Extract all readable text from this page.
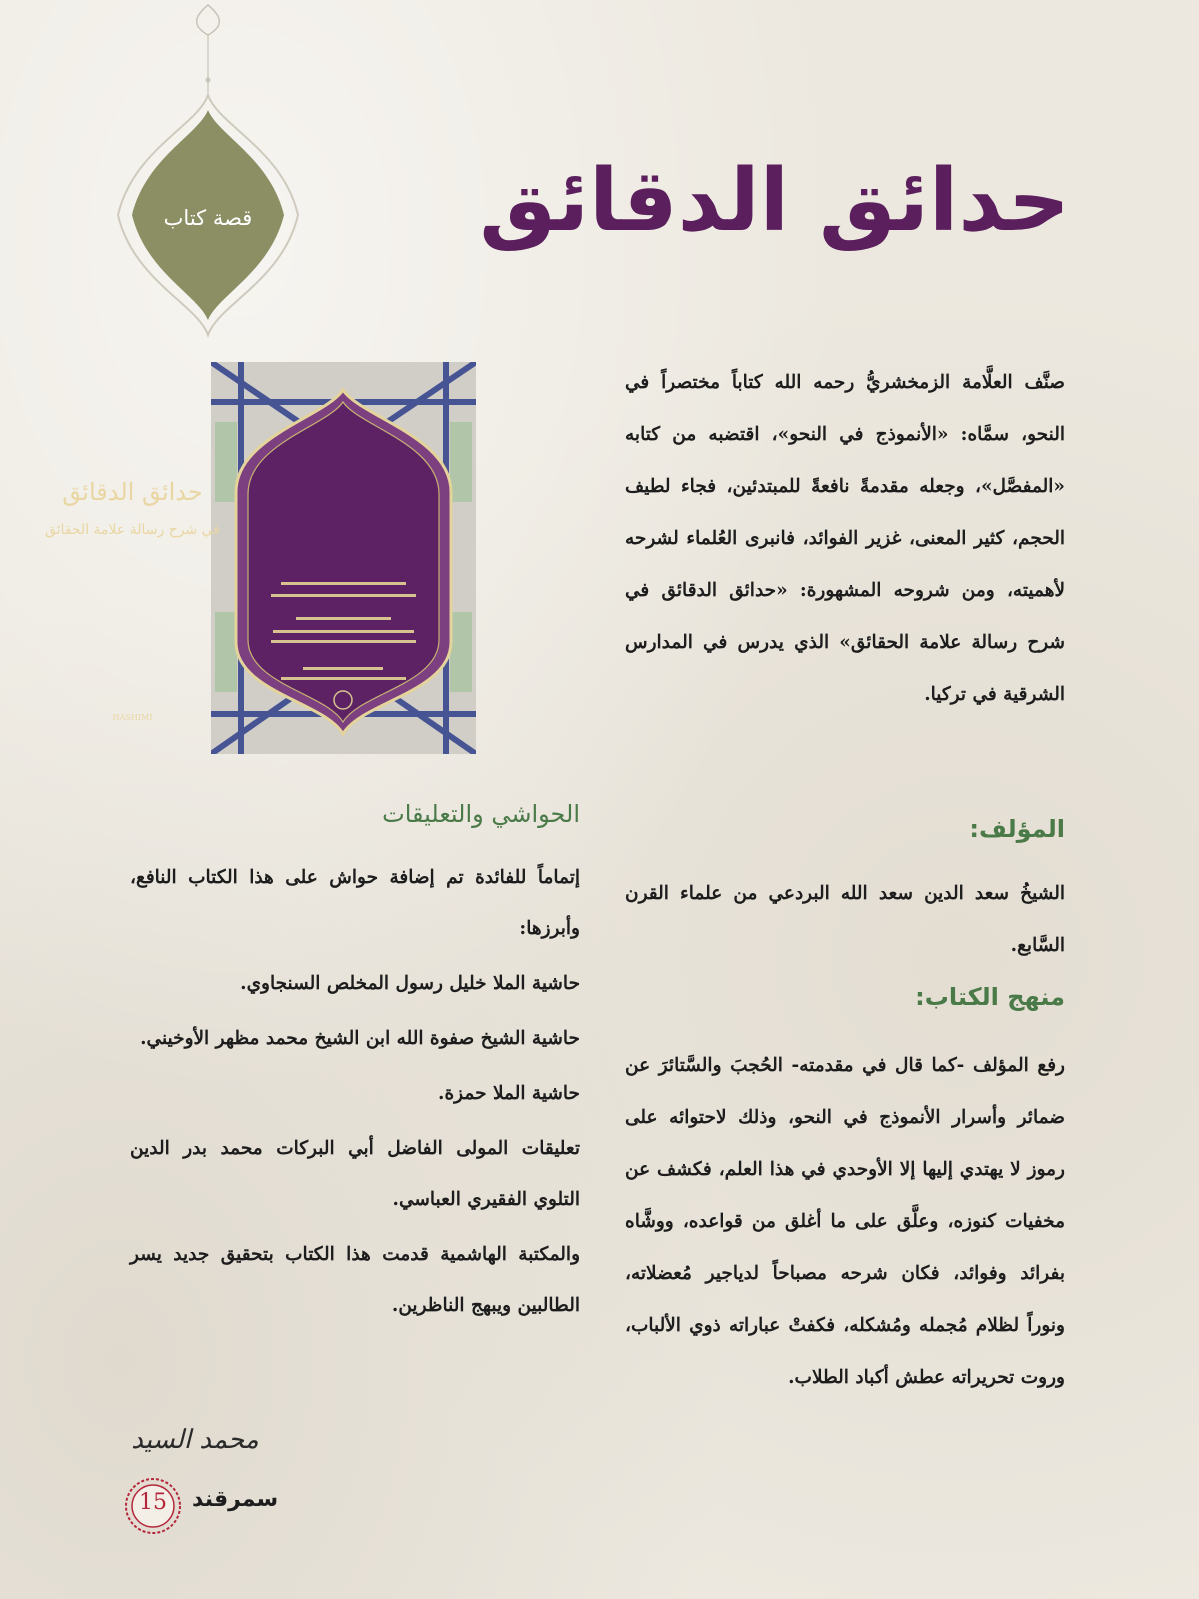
قصة كتاب	حدائق الدقائق
حدائق الدقائق
في شرح رسالة علامة الحقائق
HASHIMI

صنَّف العلَّامة الزمخشريُّ رحمه الله كتاباً مختصراً في النحو، سمَّاه: «الأنموذج في النحو»، اقتضبه من كتابه «المفصَّل»، وجعله مقدمةً نافعةً للمبتدئين، فجاء لطيف الحجم، كثير المعنى، غزير الفوائد، فانبرى العُلماء لشرحه لأهميته، ومن شروحه المشهورة: «حدائق الدقائق في شرح رسالة علامة الحقائق» الذي يدرس في المدارس الشرقية في تركيا.

المؤلف:

الشيخُ سعد الدين سعد الله البردعي من علماء القرن السَّابع.

منهج الكتاب:

رفع المؤلف -كما قال في مقدمته- الحُجبَ والسَّتائرَ عن ضمائر وأسرار الأنموذج في النحو، وذلك لاحتوائه على رموز لا يهتدي إليها إلا الأوحدي في هذا العلم، فكشف عن مخفيات كنوزه، وعلَّق على ما أغلق من قواعده، ووشَّاه بفرائد وفوائد، فكان شرحه مصباحاً لدياجير مُعضلاته، ونوراً لظلام مُجمله ومُشكله، فكفتْ عباراته ذوي الألباب، وروت تحريراته عطش أكباد الطلاب.

الحواشي والتعليقات

إتماماً للفائدة تم إضافة حواش على هذا الكتاب النافع، وأبرزها:

حاشية الملا خليل رسول المخلص السنجاوي.

حاشية الشيخ صفوة الله ابن الشيخ محمد مظهر الأوخيني.

حاشية الملا حمزة.

تعليقات المولى الفاضل أبي البركات محمد بدر الدين التلوي الفقيري العباسي.

والمكتبة الهاشمية قدمت هذا الكتاب بتحقيق جديد يسر الطالبين ويبهج الناظرين.

محمد السيد
سمرقند
15
